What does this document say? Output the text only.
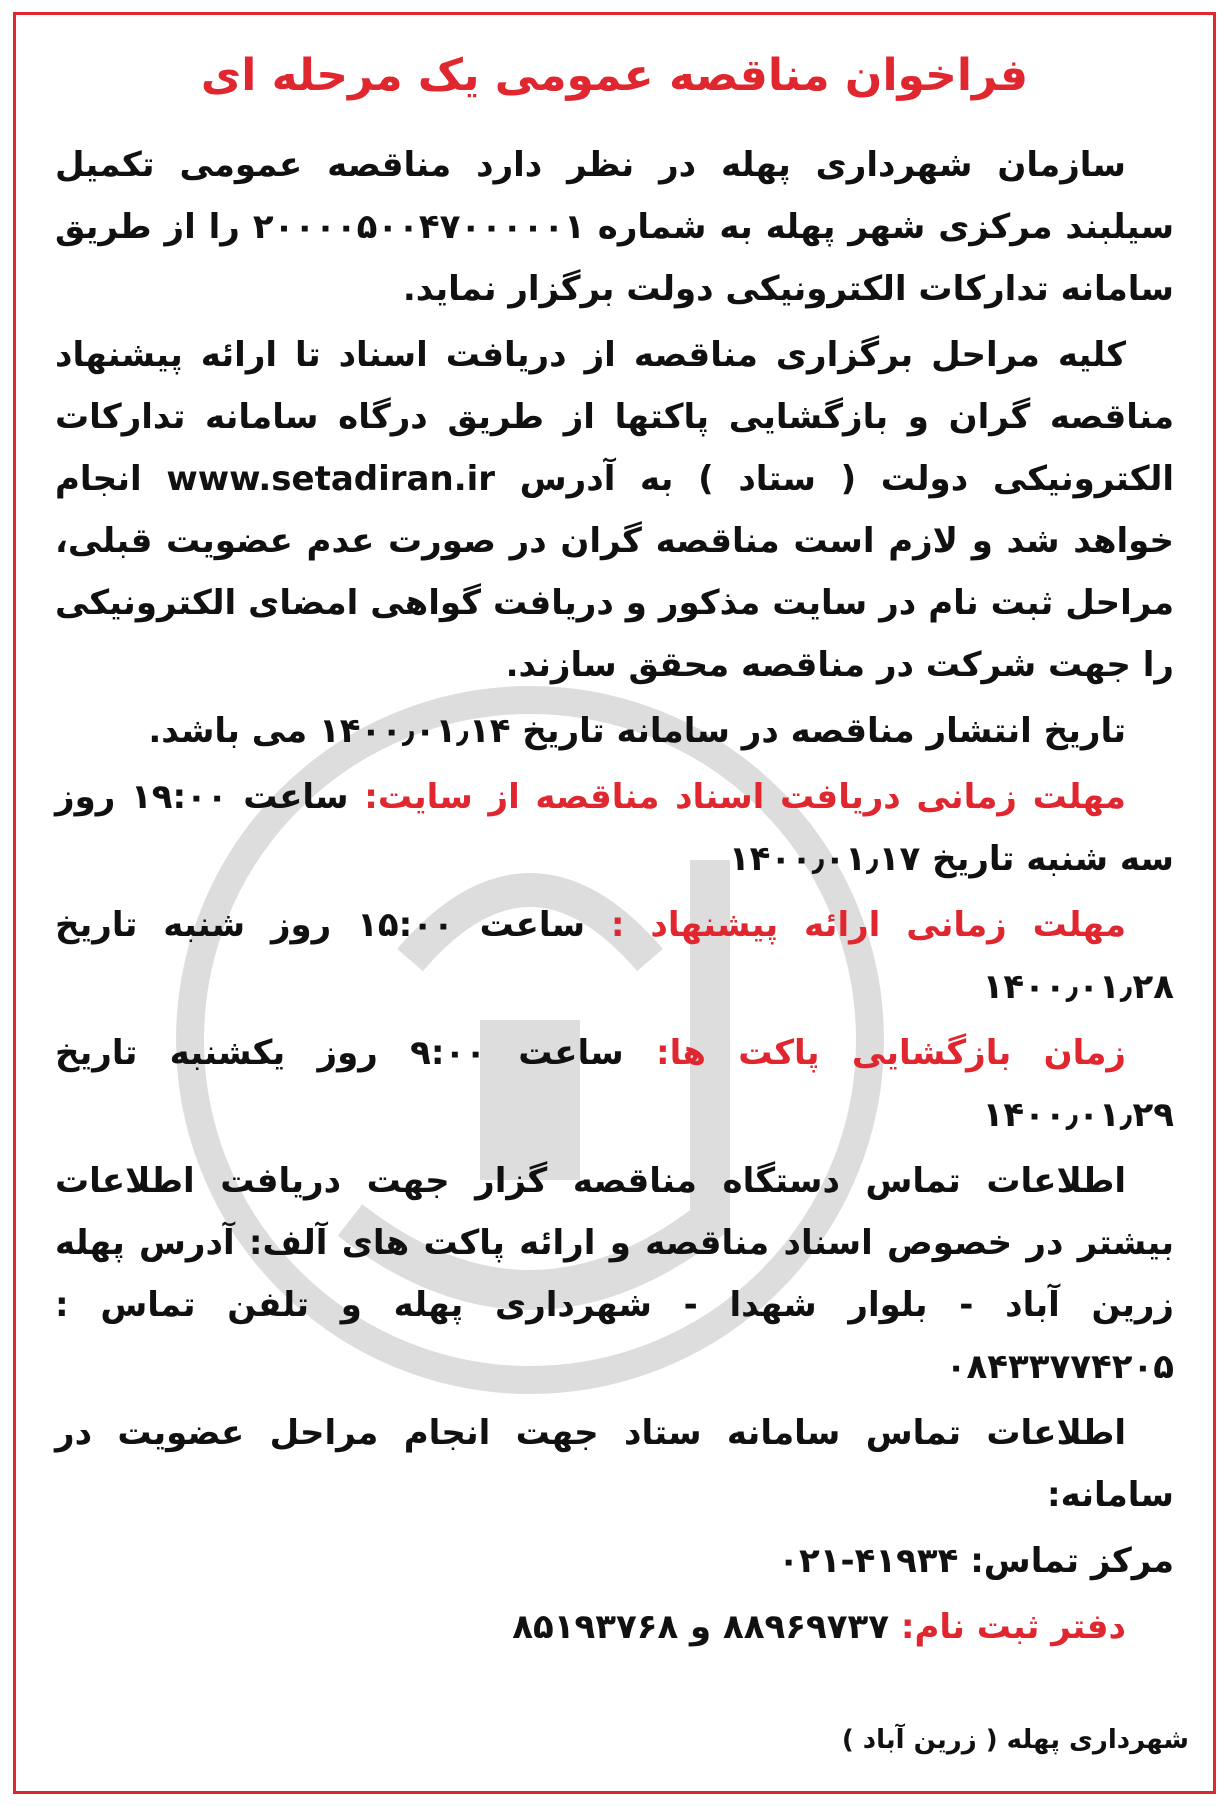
فراخوان مناقصه عمومی یک مرحله ای

سازمان شهرداری پهله در نظر دارد مناقصه عمومی تکمیل سیلبند مرکزی شهر پهله به شماره ۲۰۰۰۰۵۰۰۴۷۰۰۰۰۰۱ را از طریق سامانه تدارکات الکترونیکی دولت برگزار نماید.

کلیه مراحل برگزاری مناقصه از دریافت اسناد تا ارائه پیشنهاد مناقصه گران و بازگشایی پاکتها از طریق درگاه سامانه تدارکات الکترونیکی دولت ( ستاد ) به آدرس www.setadiran.ir انجام خواهد شد و لازم است مناقصه گران در صورت عدم عضویت قبلی، مراحل ثبت نام در سایت مذکور و دریافت گواهی امضای الکترونیکی را جهت شرکت در مناقصه محقق سازند.

تاریخ انتشار مناقصه در سامانه تاریخ ۱۴۰۰٫۰۱٫۱۴ می باشد.

مهلت زمانی دریافت اسناد مناقصه از سایت: ساعت ۱۹:۰۰ روز سه شنبه تاریخ ۱۴۰۰٫۰۱٫۱۷

مهلت زمانی ارائه پیشنهاد : ساعت ۱۵:۰۰ روز شنبه تاریخ ۱۴۰۰٫۰۱٫۲۸

زمان بازگشایی پاکت ها: ساعت ۹:۰۰ روز یکشنبه تاریخ ۱۴۰۰٫۰۱٫۲۹

اطلاعات تماس دستگاه مناقصه گزار جهت دریافت اطلاعات بیشتر در خصوص اسناد مناقصه و ارائه پاکت های آلف: آدرس پهله زرین آباد - بلوار شهدا - شهرداری پهله و تلفن تماس : ۰۸۴۳۳۷۷۴۲۰۵

اطلاعات تماس سامانه ستاد جهت انجام مراحل عضویت در سامانه:

مرکز تماس: ۰۲۱-۴۱۹۳۴

دفتر ثبت نام: ۸۸۹۶۹۷۳۷ و ۸۵۱۹۳۷۶۸

شهرداری پهله ( زرین آباد )
